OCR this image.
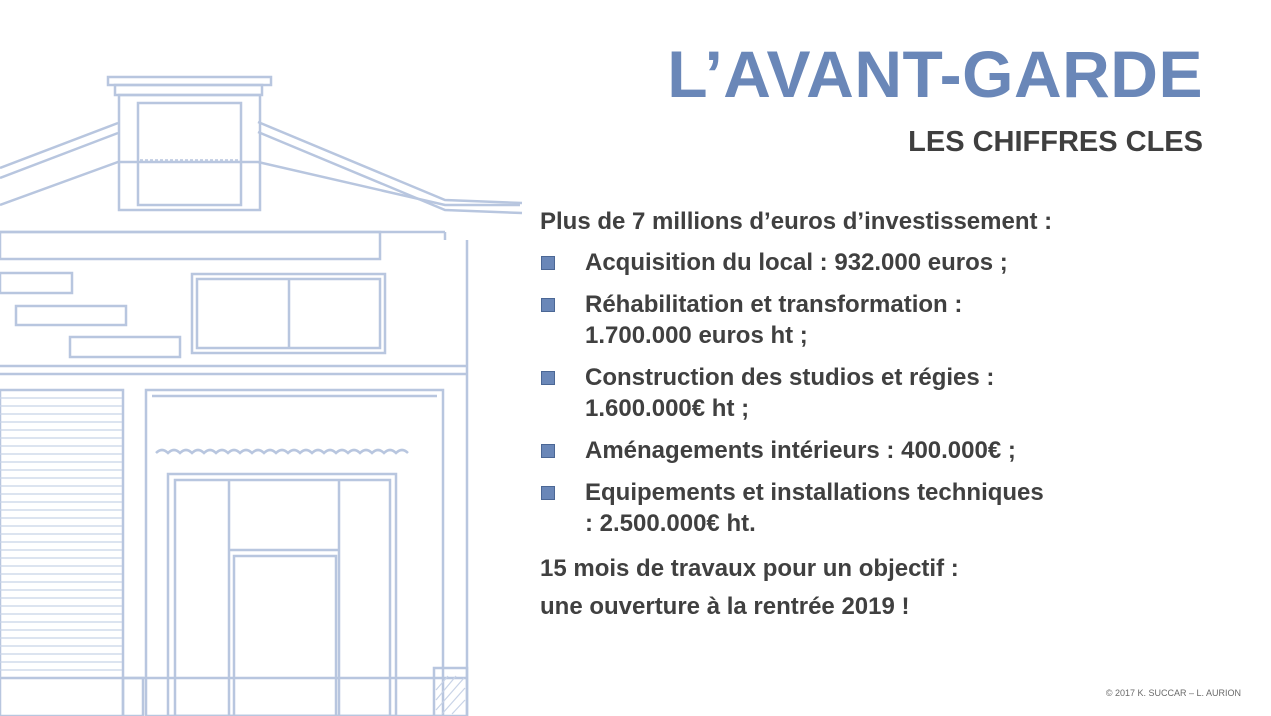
L’AVANT-GARDE
LES CHIFFRES CLES
Plus de 7 millions d’euros d’investissement :
Acquisition du local : 932.000 euros ;
Réhabilitation et transformation : 1.700.000 euros ht ;
Construction des studios et régies : 1.600.000€ ht ;
Aménagements intérieurs : 400.000€ ;
Equipements et installations techniques : 2.500.000€ ht.
15 mois de travaux pour un objectif :
une ouverture à la rentrée 2019 !
© 2017 K. SUCCAR – L. AURION
